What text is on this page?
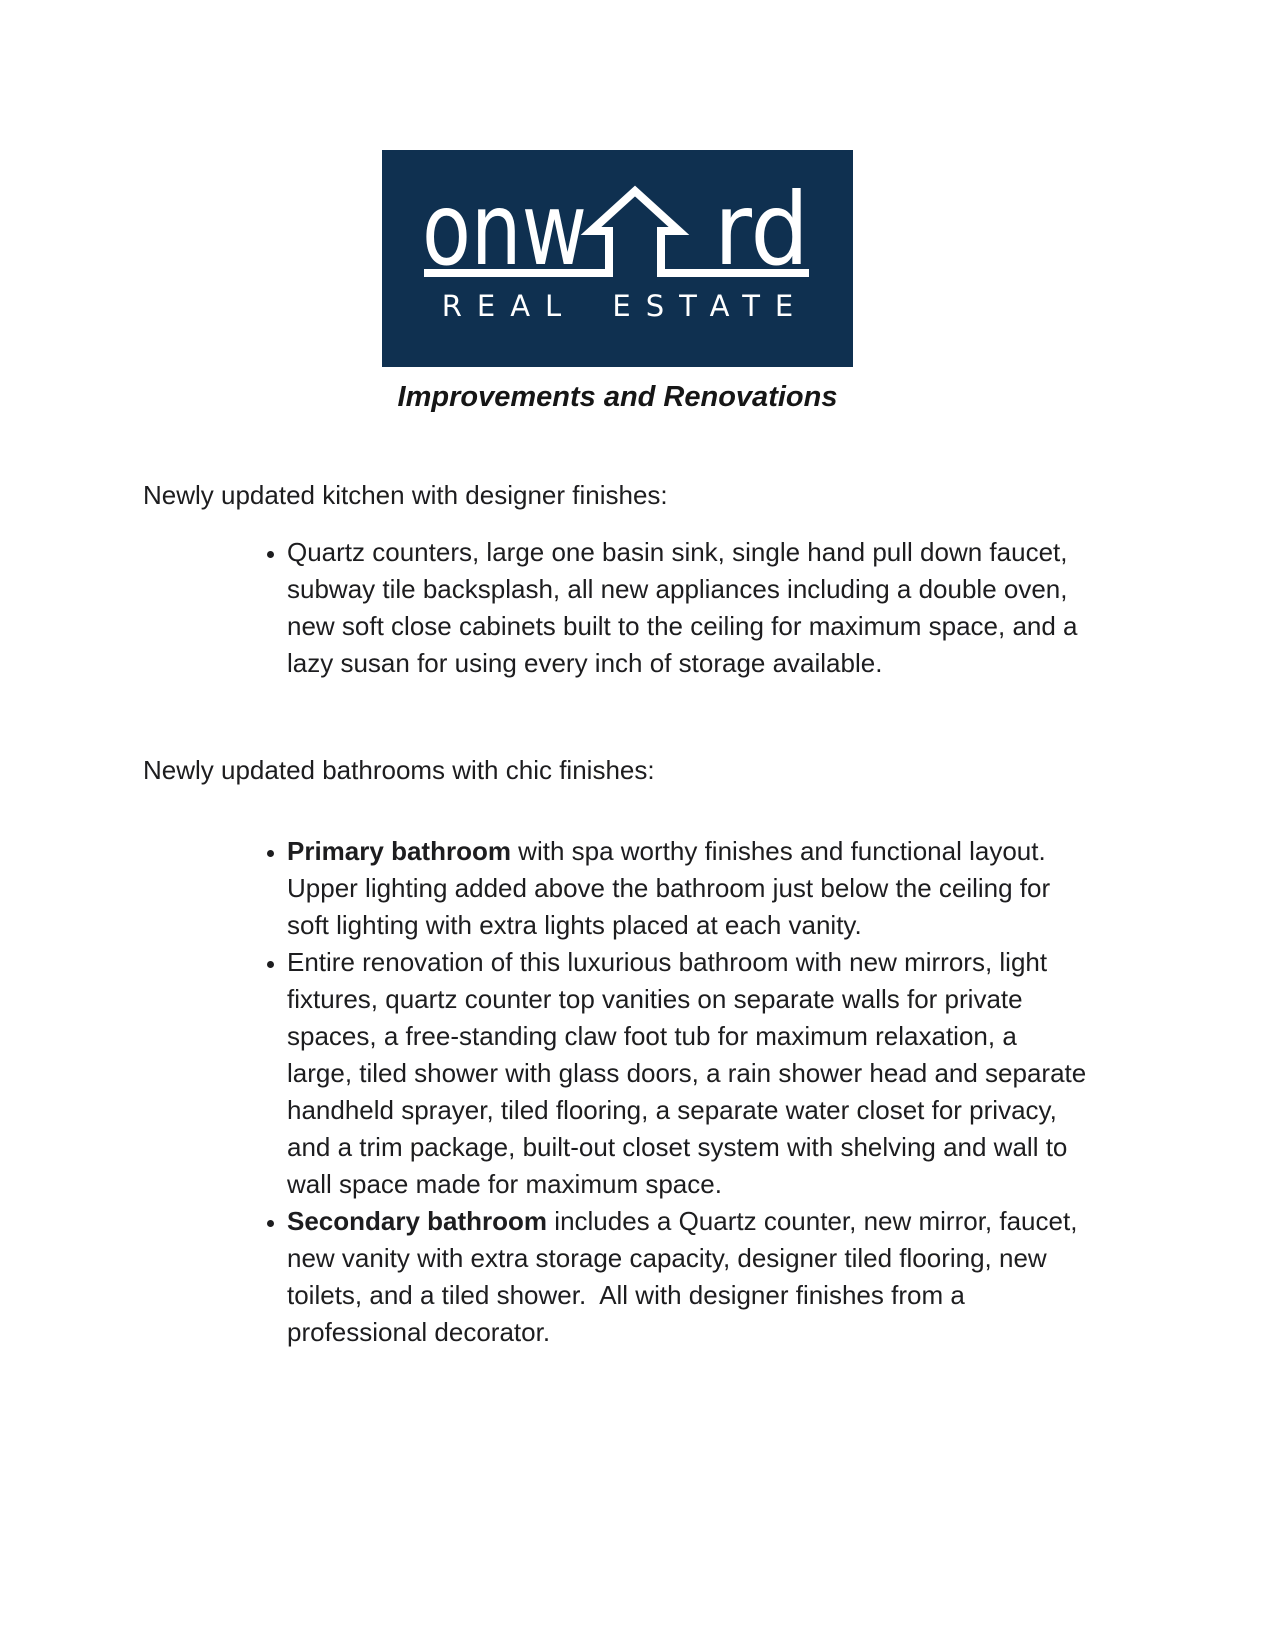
onw rd
REAL ESTATE
Improvements and Renovations

Newly updated kitchen with designer finishes:

• Quartz counters, large one basin sink, single hand pull down faucet, subway tile backsplash, all new appliances including a double oven, new soft close cabinets built to the ceiling for maximum space, and a lazy susan for using every inch of storage available.

Newly updated bathrooms with chic finishes:

• Primary bathroom with spa worthy finishes and functional layout.  Upper lighting added above the bathroom just below the ceiling for soft lighting with extra lights placed at each vanity.
• Entire renovation of this luxurious bathroom with new mirrors, light fixtures, quartz counter top vanities on separate walls for private spaces, a free-standing claw foot tub for maximum relaxation, a large, tiled shower with glass doors, a rain shower head and separate handheld sprayer, tiled flooring, a separate water closet for privacy, and a trim package, built-out closet system with shelving and wall to wall space made for maximum space.
• Secondary bathroom includes a Quartz counter, new mirror, faucet, new vanity with extra storage capacity, designer tiled flooring, new toilets, and a tiled shower.  All with designer finishes from a professional decorator.
